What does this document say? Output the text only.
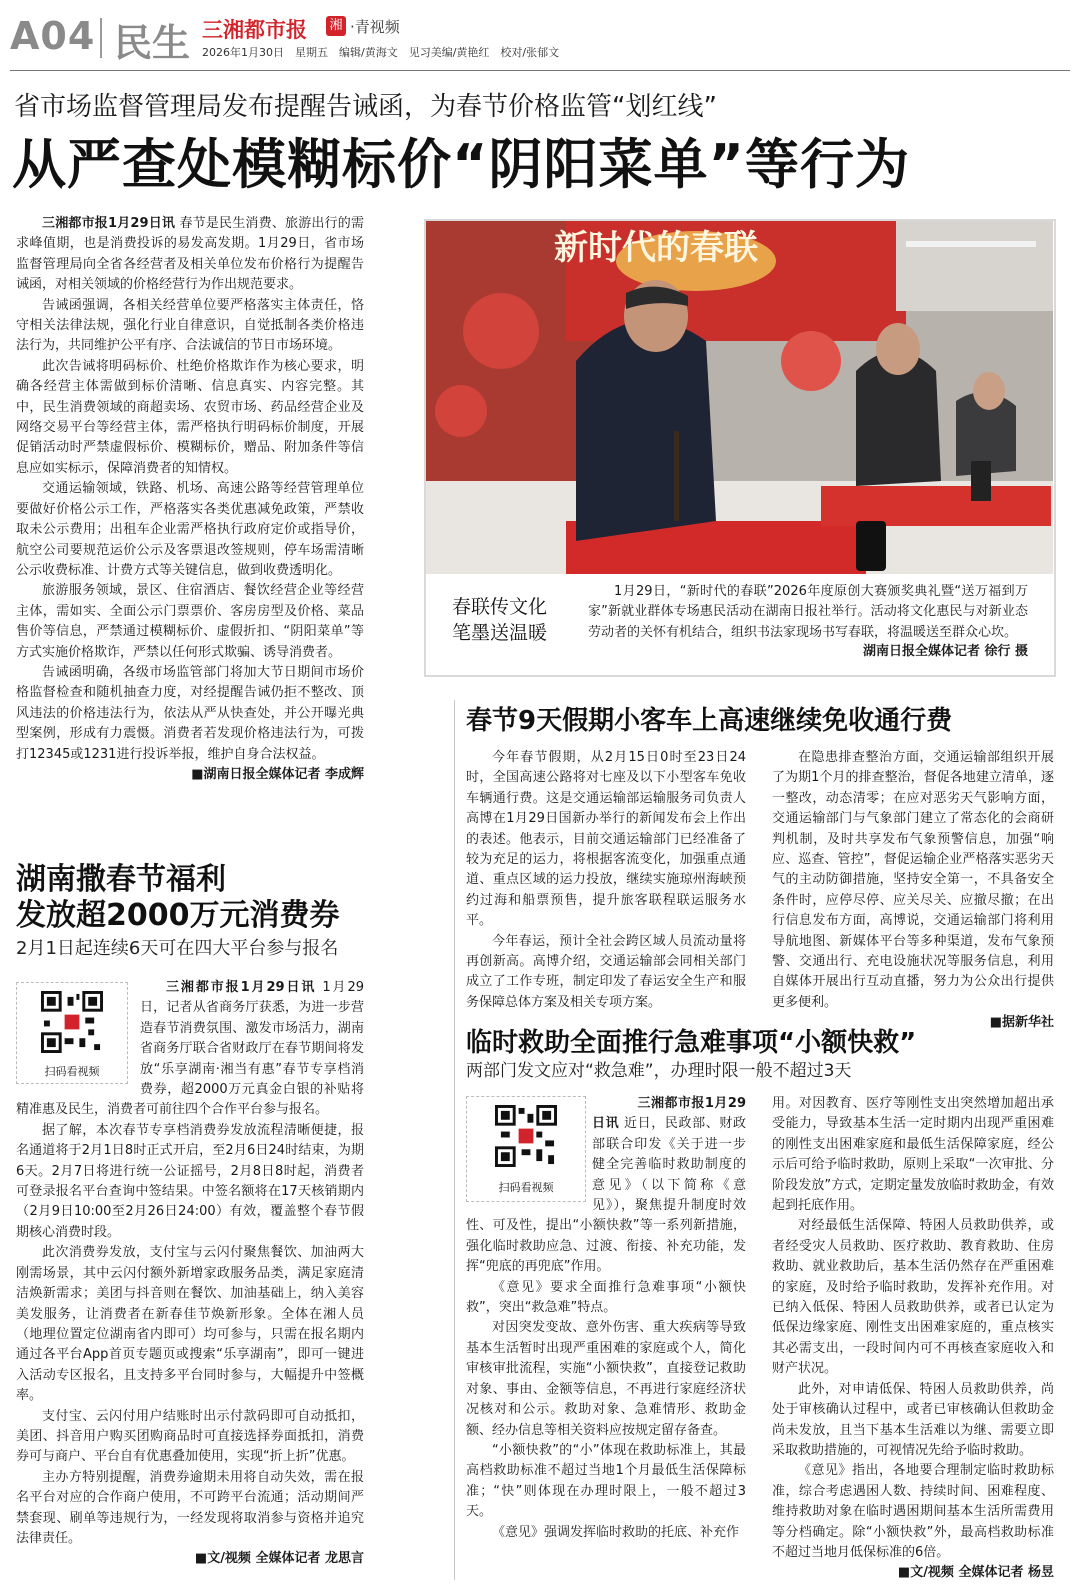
A04 民生 三湘都市报 湘 ·青视频
2026年1月30日　星期五　编辑/黄海文　见习美编/黄艳红　校对/张郁文
省市场监督管理局发布提醒告诫函，为春节价格监管“划红线”
从严查处模糊标价“阴阳菜单”等行为

三湘都市报1月29日讯 春节是民生消费、旅游出行的需求峰值期，也是消费投诉的易发高发期。1月29日，省市场监督管理局向全省各经营者及相关单位发布价格行为提醒告诫函，对相关领域的价格经营行为作出规范要求。

告诫函强调，各相关经营单位要严格落实主体责任，恪守相关法律法规，强化行业自律意识，自觉抵制各类价格违法行为，共同维护公平有序、合法诚信的节日市场环境。

此次告诫将明码标价、杜绝价格欺诈作为核心要求，明确各经营主体需做到标价清晰、信息真实、内容完整。其中，民生消费领域的商超卖场、农贸市场、药品经营企业及网络交易平台等经营主体，需严格执行明码标价制度，开展促销活动时严禁虚假标价、模糊标价，赠品、附加条件等信息应如实标示，保障消费者的知情权。

交通运输领域，铁路、机场、高速公路等经营管理单位要做好价格公示工作，严格落实各类优惠减免政策，严禁收取未公示费用；出租车企业需严格执行政府定价或指导价，航空公司要规范运价公示及客票退改签规则，停车场需清晰公示收费标准、计费方式等关键信息，做到收费透明化。

旅游服务领域，景区、住宿酒店、餐饮经营企业等经营主体，需如实、全面公示门票票价、客房房型及价格、菜品售价等信息，严禁通过模糊标价、虚假折扣、“阴阳菜单”等方式实施价格欺诈，严禁以任何形式欺骗、诱导消费者。

告诫函明确，各级市场监管部门将加大节日期间市场价格监督检查和随机抽查力度，对经提醒告诫仍拒不整改、顶风违法的价格违法行为，依法从严从快查处，并公开曝光典型案例，形成有力震慑。消费者若发现价格违法行为，可拨打12345或1231进行投诉举报，维护自身合法权益。

■湖南日报全媒体记者 李成辉
新时代的春联
春联传文化
笔墨送温暖
1月29日，“新时代的春联”2026年度原创大赛颁奖典礼暨“送万福到万家”新就业群体专场惠民活动在湖南日报社举行。活动将文化惠民与对新业态劳动者的关怀有机结合，组织书法家现场书写春联，将温暖送至群众心坎。
湖南日报全媒体记者 徐行 摄
春节9天假期小客车上高速继续免收通行费

今年春节假期，从2月15日0时至23日24时，全国高速公路将对七座及以下小型客车免收车辆通行费。这是交通运输部运输服务司负责人高博在1月29日国新办举行的新闻发布会上作出的表述。他表示，目前交通运输部门已经准备了较为充足的运力，将根据客流变化，加强重点通道、重点区域的运力投放，继续实施琼州海峡预约过海和船票预售，提升旅客联程联运服务水平。

今年春运，预计全社会跨区域人员流动量将再创新高。高博介绍，交通运输部会同相关部门成立了工作专班，制定印发了春运安全生产和服务保障总体方案及相关专项方案。

在隐患排查整治方面，交通运输部组织开展了为期1个月的排查整治，督促各地建立清单，逐一整改，动态清零；在应对恶劣天气影响方面，交通运输部门与气象部门建立了常态化的会商研判机制，及时共享发布气象预警信息，加强“响应、巡查、管控”，督促运输企业严格落实恶劣天气的主动防御措施，坚持安全第一，不具备安全条件时，应停尽停、应关尽关、应撤尽撤；在出行信息发布方面，高博说，交通运输部门将利用导航地图、新媒体平台等多种渠道，发布气象预警、交通出行、充电设施状况等服务信息，利用自媒体开展出行互动直播，努力为公众出行提供更多便利。

■据新华社
临时救助全面推行急难事项“小额快救”
两部门发文应对“救急难”，办理时限一般不超过3天
扫码看视频

三湘都市报1月29日讯 近日，民政部、财政部联合印发《关于进一步健全完善临时救助制度的意见》（以下简称《意见》），聚焦提升制度时效性、可及性，提出“小额快救”等一系列新措施，强化临时救助应急、过渡、衔接、补充功能，发挥“兜底的再兜底”作用。

《意见》要求全面推行急难事项“小额快救”，突出“救急难”特点。

对因突发变故、意外伤害、重大疾病等导致基本生活暂时出现严重困难的家庭或个人，简化审核审批流程，实施“小额快救”，直接登记救助对象、事由、金额等信息，不再进行家庭经济状况核对和公示。救助对象、急难情形、救助金额、经办信息等相关资料应按规定留存备查。

“小额快救”的“小”体现在救助标准上，其最高档救助标准不超过当地1个月最低生活保障标准；“快”则体现在办理时限上，一般不超过3天。

《意见》强调发挥临时救助的托底、补充作

用。对因教育、医疗等刚性支出突然增加超出承受能力，导致基本生活一定时期内出现严重困难的刚性支出困难家庭和最低生活保障家庭，经公示后可给予临时救助，原则上采取“一次审批、分阶段发放”方式，定期定量发放临时救助金，有效起到托底作用。

对经最低生活保障、特困人员救助供养，或者经受灾人员救助、医疗救助、教育救助、住房救助、就业救助后，基本生活仍然存在严重困难的家庭，及时给予临时救助，发挥补充作用。对已纳入低保、特困人员救助供养，或者已认定为低保边缘家庭、刚性支出困难家庭的，重点核实其必需支出，一段时间内可不再核查家庭收入和财产状况。

此外，对申请低保、特困人员救助供养，尚处于审核确认过程中，或者已审核确认但救助金尚未发放，且当下基本生活难以为继、需要立即采取救助措施的，可视情况先给予临时救助。

《意见》指出，各地要合理制定临时救助标准，综合考虑遇困人数、持续时间、困难程度、维持救助对象在临时遇困期间基本生活所需费用等分档确定。除“小额快救”外，最高档救助标准不超过当地月低保标准的6倍。

■文/视频 全媒体记者 杨昱
湖南撒春节福利
发放超2000万元消费券
2月1日起连续6天可在四大平台参与报名
扫码看视频

三湘都市报1月29日讯 1月29日，记者从省商务厅获悉，为进一步营造春节消费氛围、激发市场活力，湖南省商务厅联合省财政厅在春节期间将发放“乐享湖南·湘当有惠”春节专享档消费券，超2000万元真金白银的补贴将精准惠及民生，消费者可前往四个合作平台参与报名。

据了解，本次春节专享档消费券发放流程清晰便捷，报名通道将于2月1日8时正式开启，至2月6日24时结束，为期6天。2月7日将进行统一公证摇号，2月8日8时起，消费者可登录报名平台查询中签结果。中签名额将在17天核销期内（2月9日10:00至2月26日24:00）有效，覆盖整个春节假期核心消费时段。

此次消费券发放，支付宝与云闪付聚焦餐饮、加油两大刚需场景，其中云闪付额外新增家政服务品类，满足家庭清洁焕新需求；美团与抖音则在餐饮、加油基础上，纳入美容美发服务，让消费者在新春佳节焕新形象。全体在湘人员（地理位置定位湖南省内即可）均可参与，只需在报名期内通过各平台App首页专题页或搜索“乐享湖南”，即可一键进入活动专区报名，且支持多平台同时参与，大幅提升中签概率。

支付宝、云闪付用户结账时出示付款码即可自动抵扣，美团、抖音用户购买团购商品时可直接选择券面抵扣，消费券可与商户、平台自有优惠叠加使用，实现“折上折”优惠。

主办方特别提醒，消费券逾期未用将自动失效，需在报名平台对应的合作商户使用，不可跨平台流通；活动期间严禁套现、刷单等违规行为，一经发现将取消参与资格并追究法律责任。

■文/视频 全媒体记者 龙思言
